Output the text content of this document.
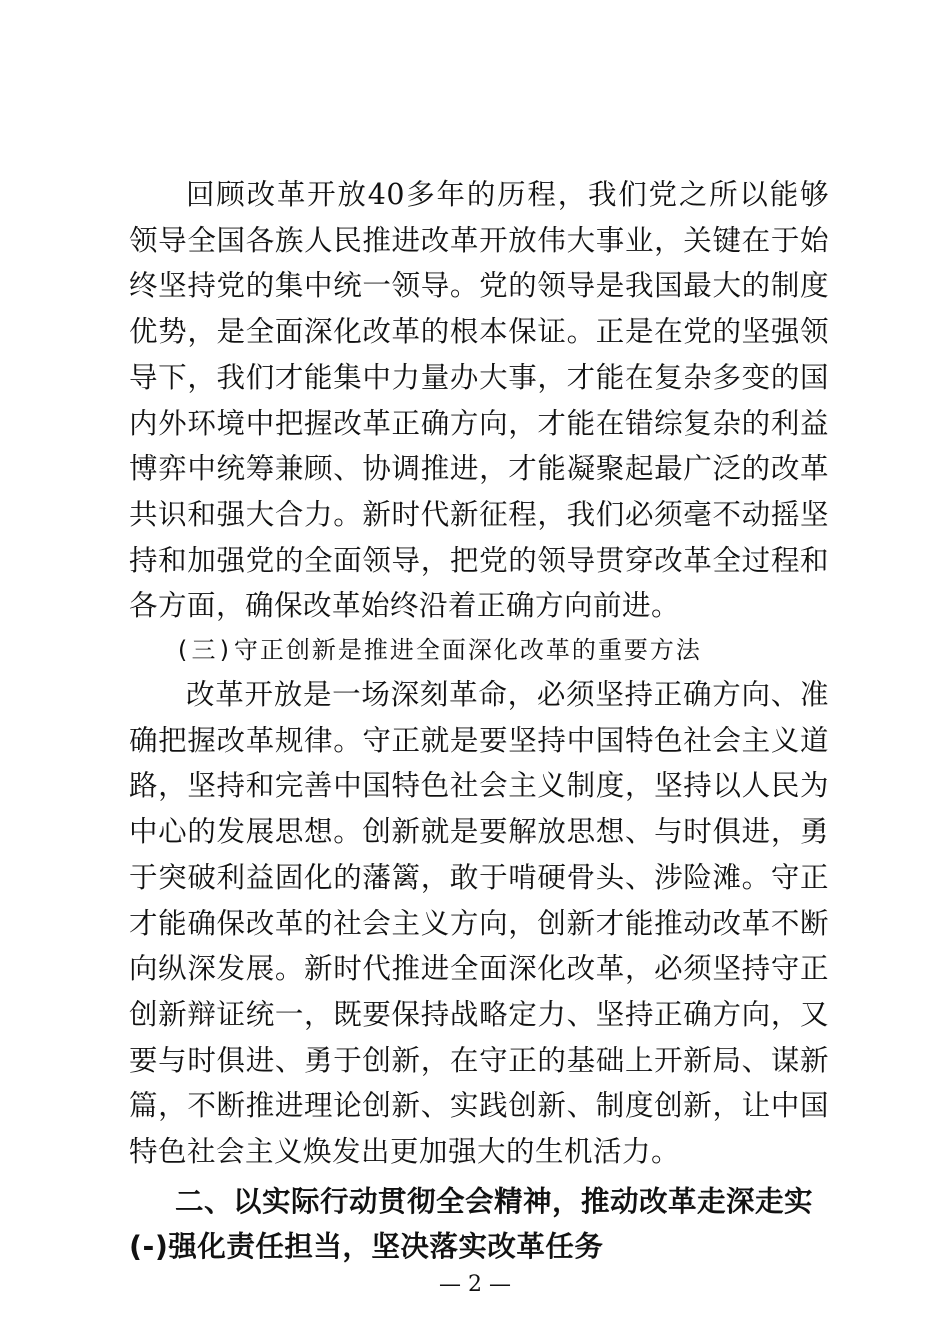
回顾改革开放40多年的历程，我们党之所以能够领导全国各族人民推进改革开放伟大事业，关键在于始终坚持党的集中统一领导。党的领导是我国最大的制度优势，是全面深化改革的根本保证。正是在党的坚强领导下，我们才能集中力量办大事，才能在复杂多变的国内外环境中把握改革正确方向，才能在错综复杂的利益博弈中统筹兼顾、协调推进，才能凝聚起最广泛的改革共识和强大合力。新时代新征程，我们必须毫不动摇坚持和加强党的全面领导，把党的领导贯穿改革全过程和各方面，确保改革始终沿着正确方向前进。

(三)守正创新是推进全面深化改革的重要方法

改革开放是一场深刻革命，必须坚持正确方向、准确把握改革规律。守正就是要坚持中国特色社会主义道路，坚持和完善中国特色社会主义制度，坚持以人民为中心的发展思想。创新就是要解放思想、与时俱进，勇于突破利益固化的藩篱，敢于啃硬骨头、涉险滩。守正才能确保改革的社会主义方向，创新才能推动改革不断向纵深发展。新时代推进全面深化改革，必须坚持守正创新辩证统一，既要保持战略定力、坚持正确方向，又要与时俱进、勇于创新，在守正的基础上开新局、谋新篇，不断推进理论创新、实践创新、制度创新，让中国特色社会主义焕发出更加强大的生机活力。

二、以实际行动贯彻全会精神，推动改革走深走实(-)强化责任担当，坚决落实改革任务

— 2 —
